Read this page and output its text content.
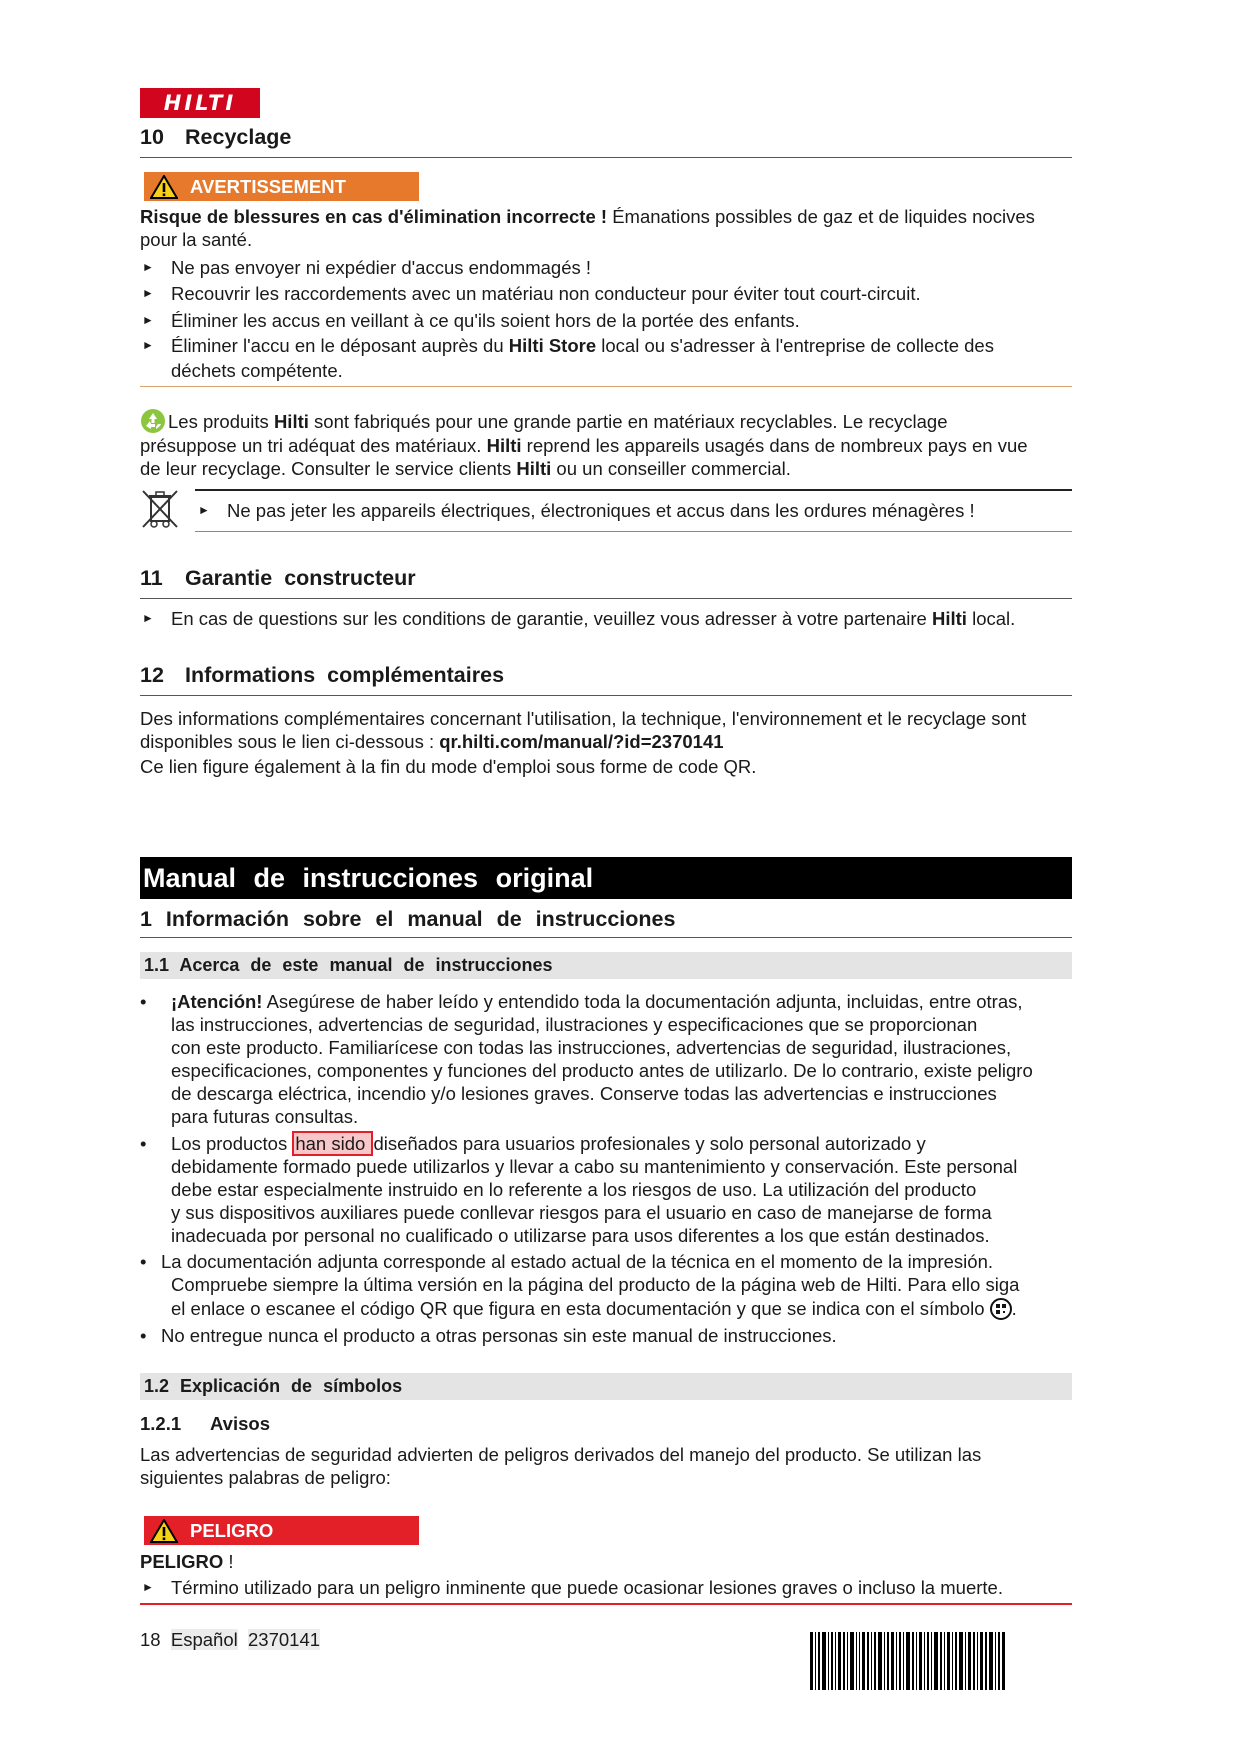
HILTI
10 Recyclage
AVERTISSEMENT
Risque de blessures en cas d'élimination incorrecte ! Émanations possibles de gaz et de liquides nocives
pour la santé.
► Ne pas envoyer ni expédier d'accus endommagés !
► Recouvrir les raccordements avec un matériau non conducteur pour éviter tout court-circuit.
► Éliminer les accus en veillant à ce qu'ils soient hors de la portée des enfants.
► Éliminer l'accu en le déposant auprès du Hilti Store local ou s'adresser à l'entreprise de collecte des
déchets compétente.
Les produits Hilti sont fabriqués pour une grande partie en matériaux recyclables. Le recyclage
présuppose un tri adéquat des matériaux. Hilti reprend les appareils usagés dans de nombreux pays en vue
de leur recyclage. Consulter le service clients Hilti ou un conseiller commercial.
► Ne pas jeter les appareils électriques, électroniques et accus dans les ordures ménagères !
11 Garantie constructeur
► En cas de questions sur les conditions de garantie, veuillez vous adresser à votre partenaire Hilti local.
12 Informations complémentaires
Des informations complémentaires concernant l'utilisation, la technique, l'environnement et le recyclage sont
disponibles sous le lien ci-dessous : qr.hilti.com/manual/?id=2370141
Ce lien figure également à la fin du mode d'emploi sous forme de code QR.
Manual de instrucciones original
1 Información sobre el manual de instrucciones
1.1 Acerca de este manual de instrucciones
• ¡Atención! Asegúrese de haber leído y entendido toda la documentación adjunta, incluidas, entre otras,
las instrucciones, advertencias de seguridad, ilustraciones y especificaciones que se proporcionan
con este producto. Familiarícese con todas las instrucciones, advertencias de seguridad, ilustraciones,
especificaciones, componentes y funciones del producto antes de utilizarlo. De lo contrario, existe peligro
de descarga eléctrica, incendio y/o lesiones graves. Conserve todas las advertencias e instrucciones
para futuras consultas.
• Los productos han sido diseñados para usuarios profesionales y solo personal autorizado y
debidamente formado puede utilizarlos y llevar a cabo su mantenimiento y conservación. Este personal
debe estar especialmente instruido en lo referente a los riesgos de uso. La utilización del producto
y sus dispositivos auxiliares puede conllevar riesgos para el usuario en caso de manejarse de forma
inadecuada por personal no cualificado o utilizarse para usos diferentes a los que están destinados.
• La documentación adjunta corresponde al estado actual de la técnica en el momento de la impresión.
Compruebe siempre la última versión en la página del producto de la página web de Hilti. Para ello siga
el enlace o escanee el código QR que figura en esta documentación y que se indica con el símbolo .
• No entregue nunca el producto a otras personas sin este manual de instrucciones.
1.2 Explicación de símbolos
1.2.1 Avisos
Las advertencias de seguridad advierten de peligros derivados del manejo del producto. Se utilizan las
siguientes palabras de peligro:
PELIGRO
PELIGRO !
► Término utilizado para un peligro inminente que puede ocasionar lesiones graves o incluso la muerte.
18 Español 2370141
